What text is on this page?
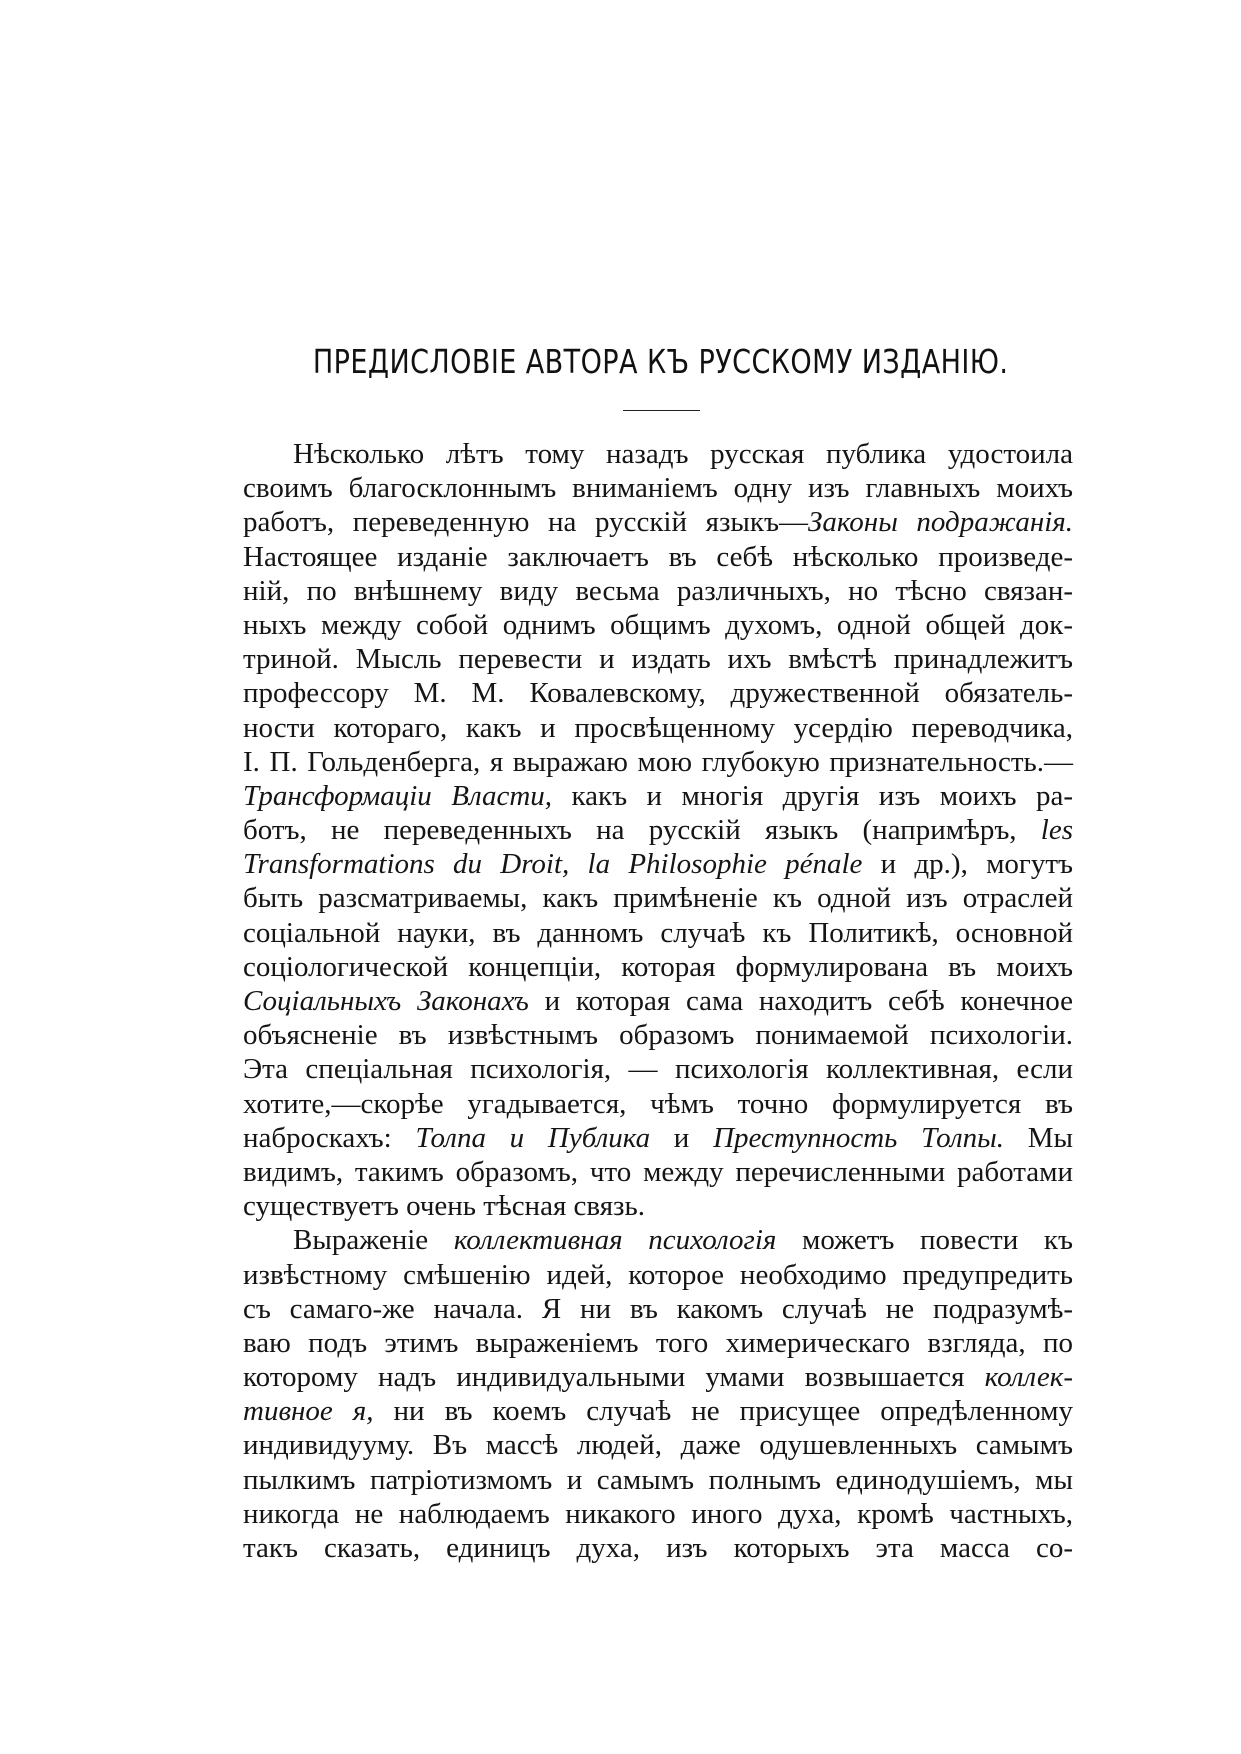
ПРЕДИСЛОВІЕ АВТОРА КЪ РУССКОМУ ИЗДАНІЮ.
Нѣсколько лѣтъ тому назадъ русская публика удостоила
своимъ благосклоннымъ вниманіемъ одну изъ главныхъ моихъ
работъ, переведенную на русскій языкъ—Законы подражанія.
Настоящее изданіе заключаетъ въ себѣ нѣсколько произведе-
ній, по внѣшнему виду весьма различныхъ, но тѣсно связан-
ныхъ между собой однимъ общимъ духомъ, одной общей док-
триной. Мысль перевести и издать ихъ вмѣстѣ принадлежитъ
профессору М. М. Ковалевскому, дружественной обязатель-
ности котораго, какъ и просвѣщенному усердію переводчика,
I. П. Гольденберга, я выражаю мою глубокую признательность.—
Трансформаціи Власти, какъ и многія другія изъ моихъ ра-
ботъ, не переведенныхъ на русскій языкъ (напримѣръ, les
Transformations du Droit, la Philosophie pénale и др.), могутъ
быть разсматриваемы, какъ примѣненіе къ одной изъ отраслей
соціальной науки, въ данномъ случаѣ къ Политикѣ, основной
соціологической концепціи, которая формулирована въ моихъ
Соціальныхъ Законахъ и которая сама находитъ себѣ конечное
объясненіе въ извѣстнымъ образомъ понимаемой психологіи.
Эта спеціальная психологія, — психологія коллективная, если
хотите,—скорѣе угадывается, чѣмъ точно формулируется въ
наброскахъ: Толпа и Публика и Преступность Толпы. Мы
видимъ, такимъ образомъ, что между перечисленными работами
существуетъ очень тѣсная связь.
Выраженіе коллективная психологія можетъ повести къ
извѣстному смѣшенію идей, которое необходимо предупредить
съ самаго-же начала. Я ни въ какомъ случаѣ не подразумѣ-
ваю подъ этимъ выраженіемъ того химерическаго взгляда, по
которому надъ индивидуальными умами возвышается коллек-
тивное я, ни въ коемъ случаѣ не присущее опредѣленному
индивидууму. Въ массѣ людей, даже одушевленныхъ самымъ
пылкимъ патріотизмомъ и самымъ полнымъ единодушіемъ, мы
никогда не наблюдаемъ никакого иного духа, кромѣ частныхъ,
такъ сказать, единицъ духа, изъ которыхъ эта масса со-
